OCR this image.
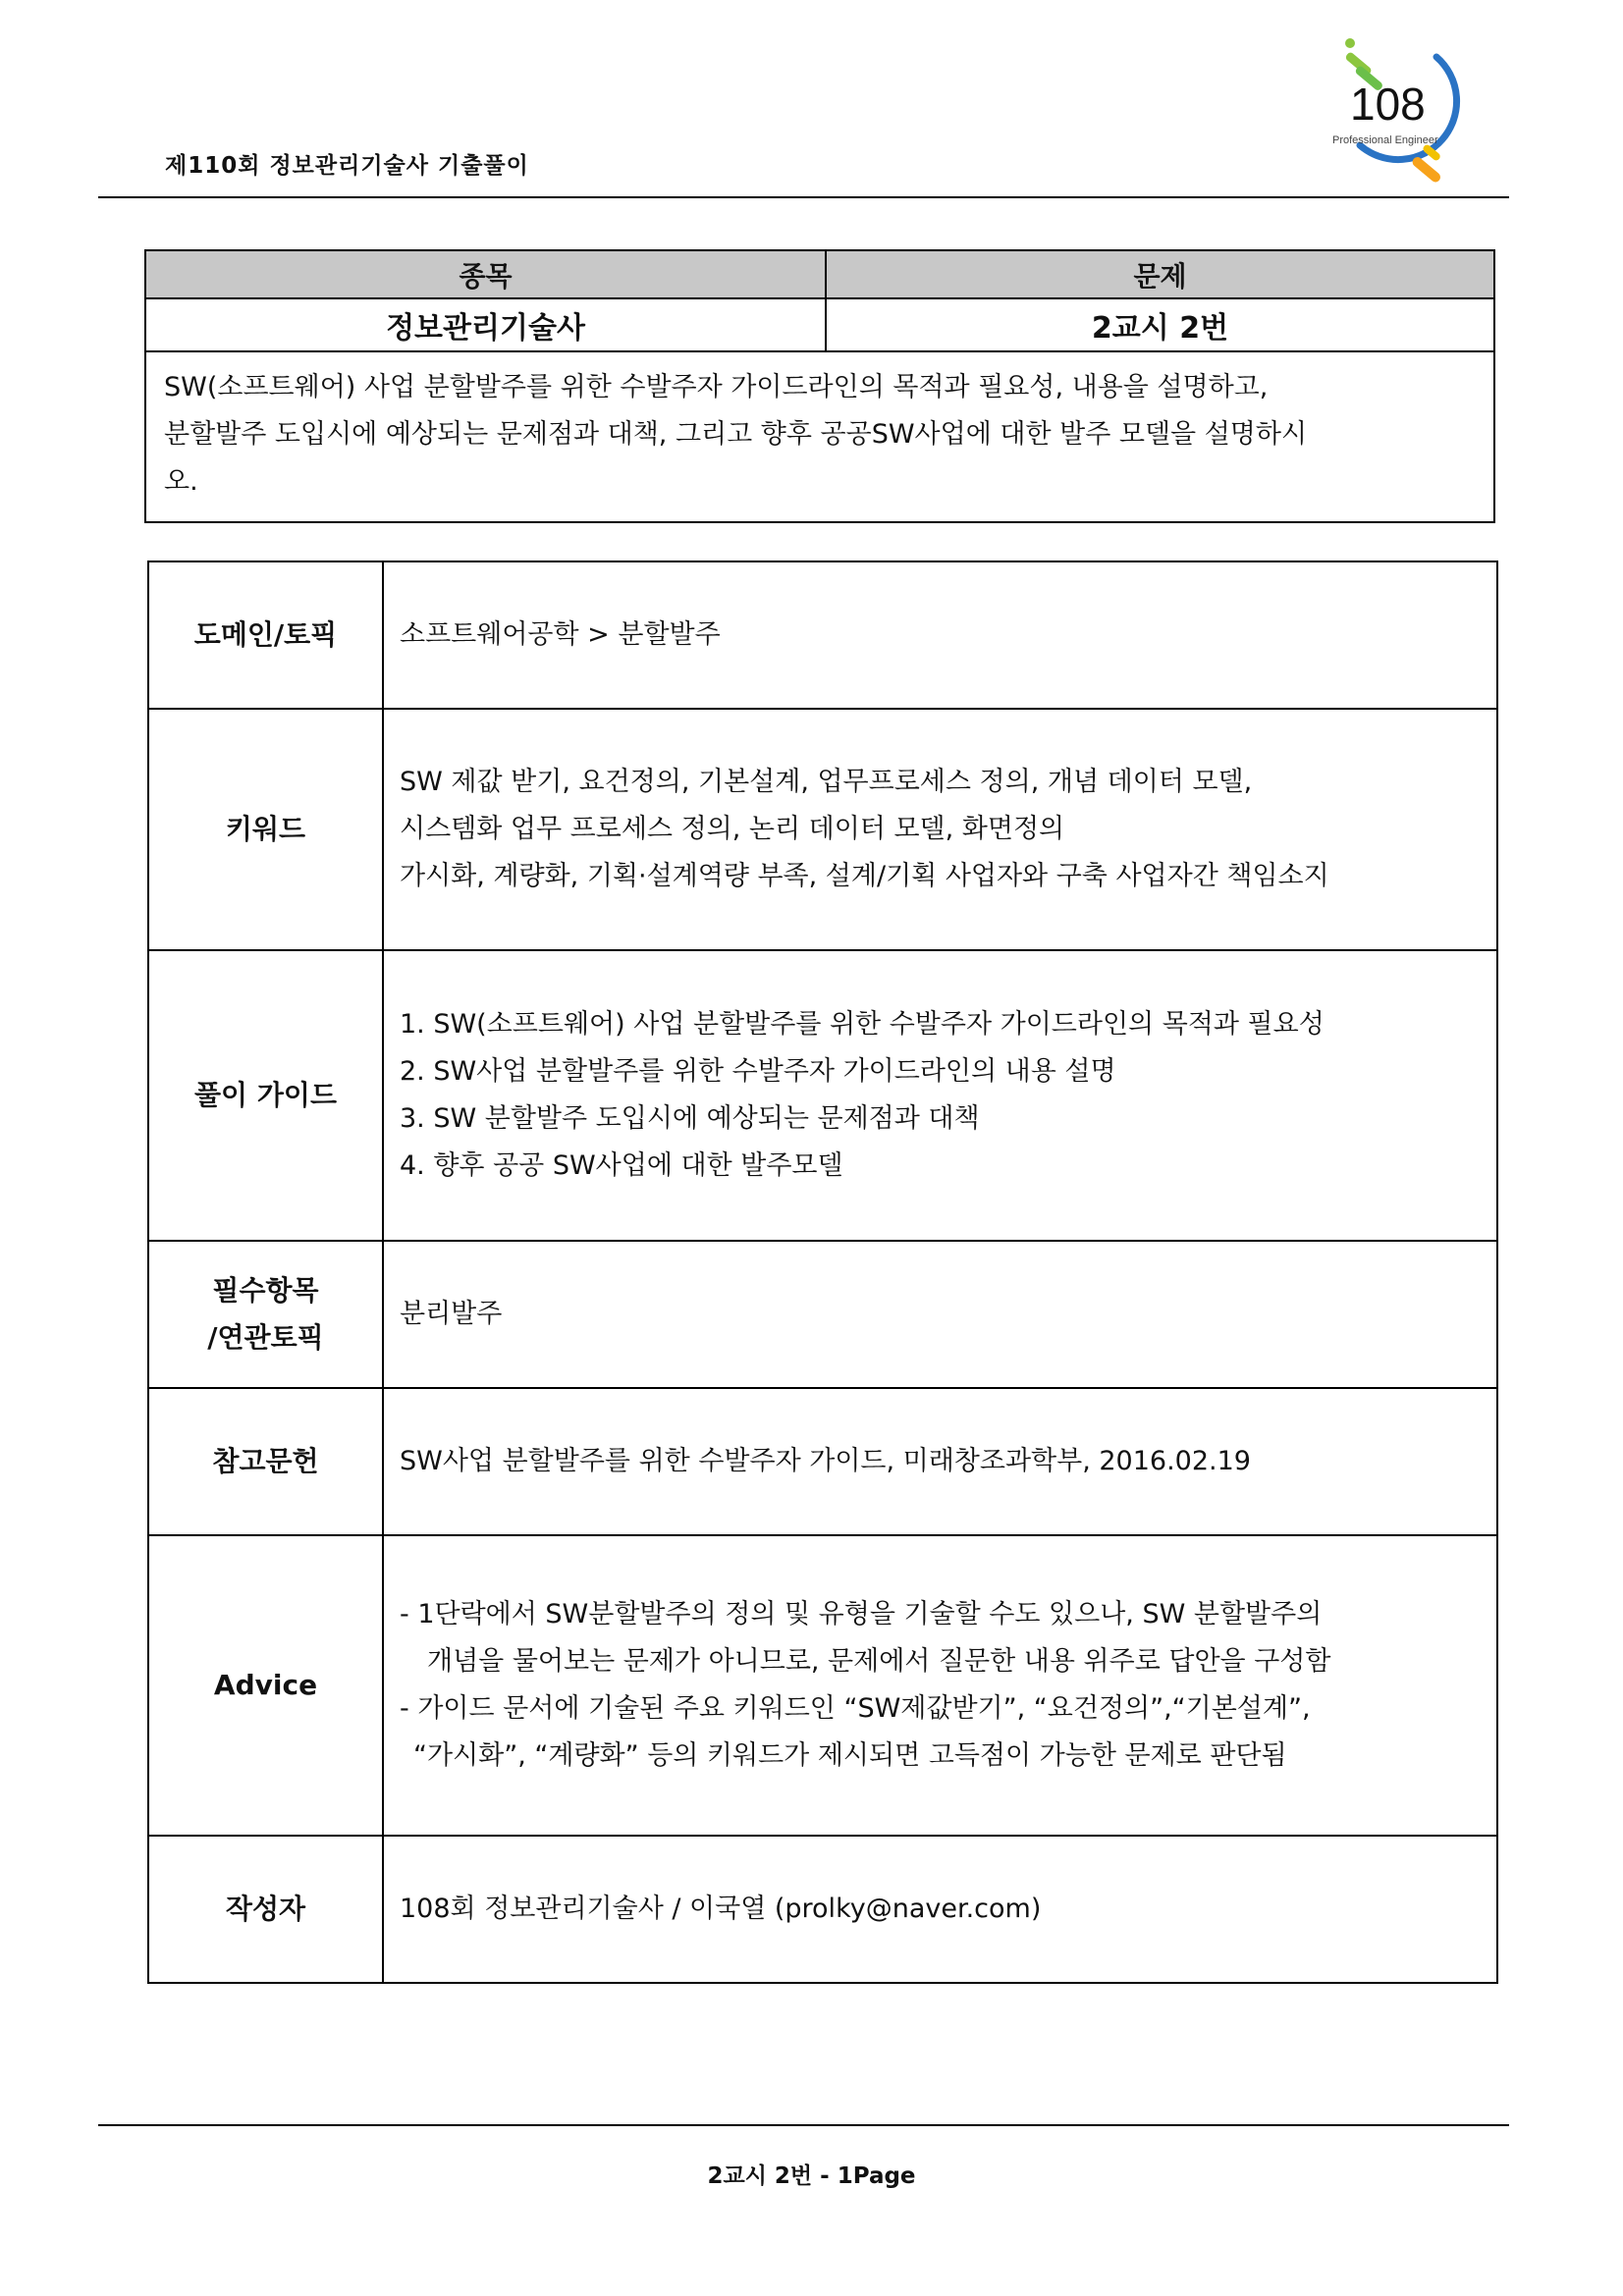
제110회 정보관리기술사 기출풀이
108
Professional Engineer
종목	문제
정보관리기술사	2교시 2번

SW(소프트웨어) 사업 분할발주를 위한 수발주자 가이드라인의 목적과 필요성, 내용을 설명하고,
분할발주 도입시에 예상되는 문제점과 대책, 그리고 향후 공공SW사업에 대한 발주 모델을 설명하시
오.	
도메인/토픽	소프트웨어공학 > 분할발주
키워드	SW 제값 받기, 요건정의, 기본설계, 업무프로세스 정의, 개념 데이터 모델,
시스템화 업무 프로세스 정의, 논리 데이터 모델, 화면정의
가시화, 계량화, 기획·설계역량 부족, 설계/기획 사업자와 구축 사업자간 책임소지

풀이 가이드	1. SW(소프트웨어) 사업 분할발주를 위한 수발주자 가이드라인의 목적과 필요성
2. SW사업 분할발주를 위한 수발주자 가이드라인의 내용 설명
3. SW 분할발주 도입시에 예상되는 문제점과 대책
4. 향후 공공 SW사업에 대한 발주모델

필수항목
/연관토픽	분리발주
참고문헌	SW사업 분할발주를 위한 수발주자 가이드, 미래창조과학부, 2016.02.19
Advice	- 1단락에서 SW분할발주의 정의 및 유형을 기술할 수도 있으나, SW 분할발주의
개념을 물어보는 문제가 아니므로, 문제에서 질문한 내용 위주로 답안을 구성함
- 가이드 문서에 기술된 주요 키워드인 “SW제값받기”, “요건정의”,“기본설계”,
“가시화”, “계량화” 등의 키워드가 제시되면 고득점이 가능한 문제로 판단됨

작성자	108회 정보관리기술사 / 이국열 (prolky@naver.com)
2교시 2번 - 1Page
